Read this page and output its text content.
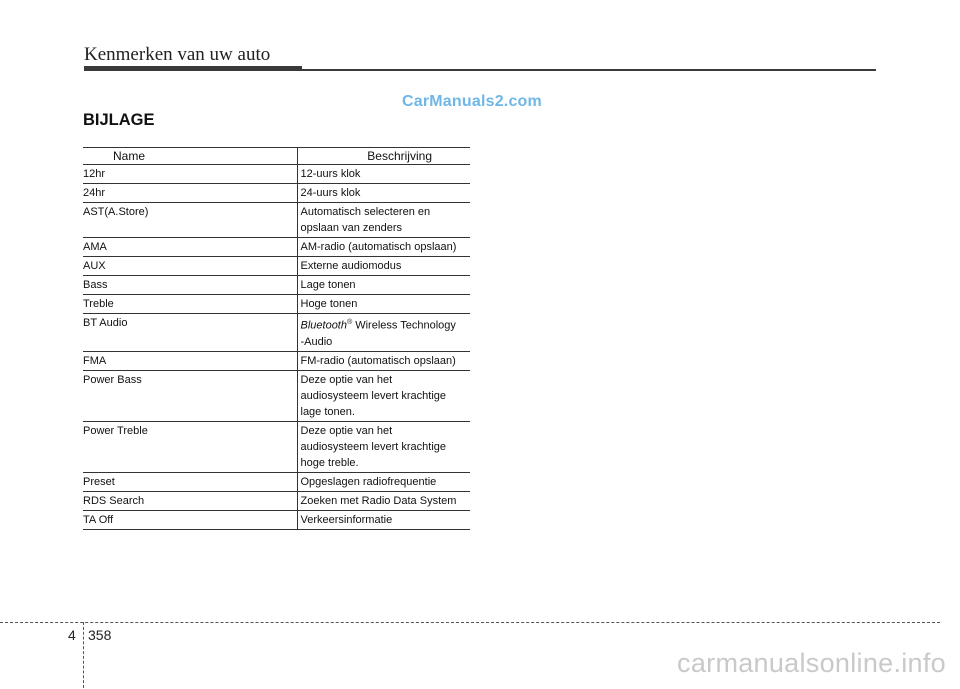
Kenmerken van uw auto
CarManuals2.com
BIJLAGE
Name		Beschrijving
12hr		12-uurs klok

24hr		24-uurs klok

AST(A.Store)		Automatisch selecteren en
opslaan van zenders

AMA		AM-radio (automatisch opslaan)

AUX		Externe audiomodus

Bass		Lage tonen

Treble		Hoge tonen

BT Audio		Bluetooth® Wireless Technology
-Audio

FMA		FM-radio (automatisch opslaan)

Power Bass		Deze optie van het
audiosysteem levert krachtige
lage tonen.

Power Treble		Deze optie van het
audiosysteem levert krachtige
hoge treble.

Preset		Opgeslagen radiofrequentie

RDS Search		Zoeken met Radio Data System

TA Off		Verkeersinformatie
4 358
carmanualsonline.info
